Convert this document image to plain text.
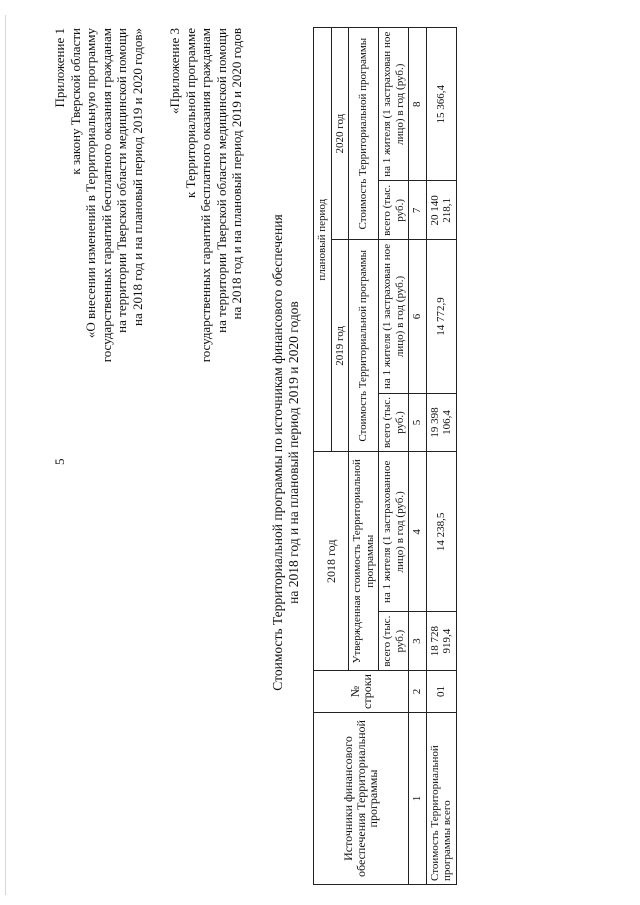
5
Приложение 1 к закону Тверской области «О внесении изменений в Территориальную программу государственных гарантий бесплатного оказания гражданам на территории Тверской области медицинской помощи на 2018 год и на плановый период 2019 и 2020 годов» «Приложение 3 к Территориальной программе государственных гарантий бесплатного оказания гражданам на территории Тверской области медицинской помощи на 2018 год и на плановый период 2019 и 2020 годов
Стоимость Территориальной программы по источникам финансового обеспечения на 2018 год и на плановый период 2019 и 2020 годов
Источники финансового обеспечения Территориальной программы	№ строки	2018 год		плановый период			
				2019 год		2020 год	
		Утвержденная стоимость Территориальной программы		Стоимость Территориальной программы		Стоимость Территориальной программы	
		всего (тыс. руб.)	на 1 жителя (1 застрахованное лицо) в год (руб.)	всего (тыс. руб.)	на 1 жителя (1 застрахован ное лицо) в год (руб.)	всего (тыс. руб.)	на 1 жителя (1 застрахован ное лицо) в год (руб.)
1	2	3	4	5	6	7	8
Стоимость Территориальной программы всего	01	18 728 919,4	14 238,5	19 398 106,4	14 772,9	20 140 218,1	15 366,4
